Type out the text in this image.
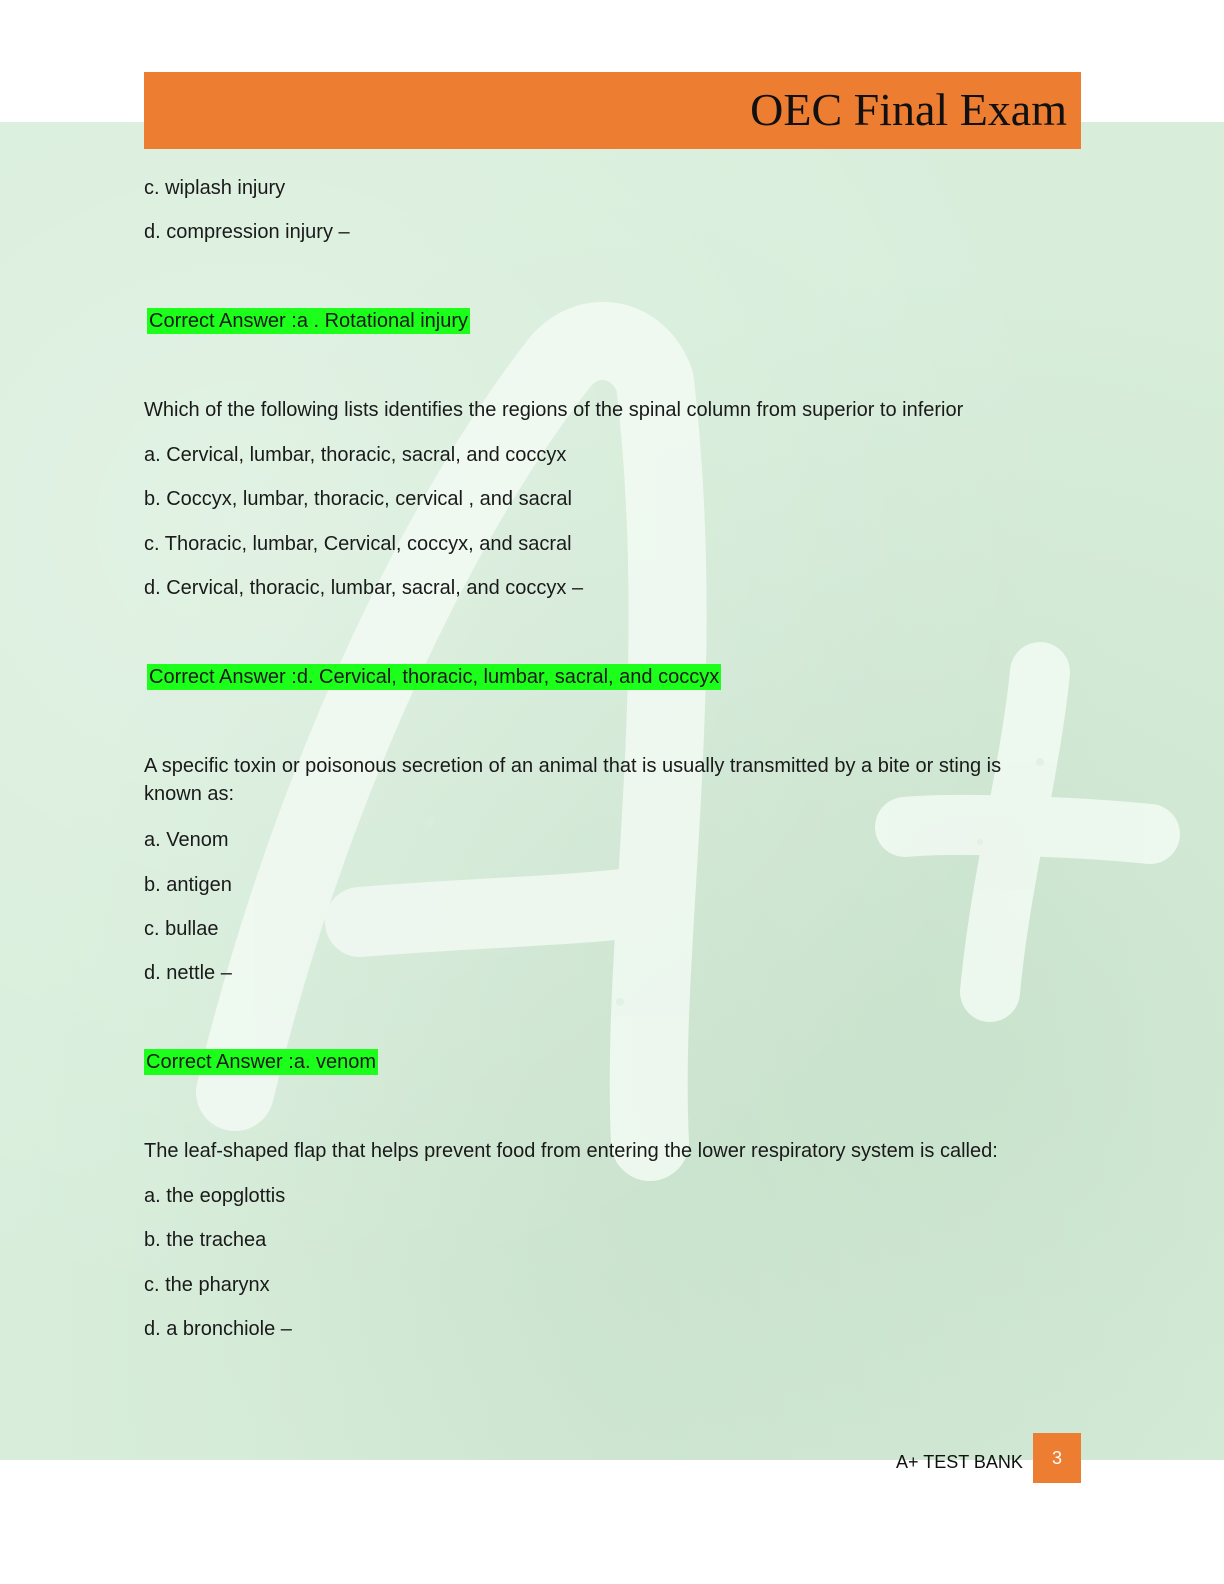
OEC Final Exam
c. wiplash injury
d. compression injury –
Correct Answer :a . Rotational injury
Which of the following lists identifies the regions of the spinal column from superior to inferior
a. Cervical, lumbar, thoracic, sacral, and coccyx
b. Coccyx, lumbar, thoracic, cervical , and sacral
c. Thoracic, lumbar, Cervical, coccyx, and sacral
d. Cervical, thoracic, lumbar, sacral, and coccyx –
Correct Answer :d. Cervical, thoracic, lumbar, sacral, and coccyx
A specific toxin or poisonous secretion of an animal that is usually transmitted by a bite or sting is known as:
a. Venom
b. antigen
c. bullae
d. nettle –
Correct Answer :a. venom
The leaf-shaped flap that helps prevent food from entering the lower respiratory system is called:
a. the eopglottis
b. the trachea
c. the pharynx
d. a bronchiole –
A+ TEST BANK	3
